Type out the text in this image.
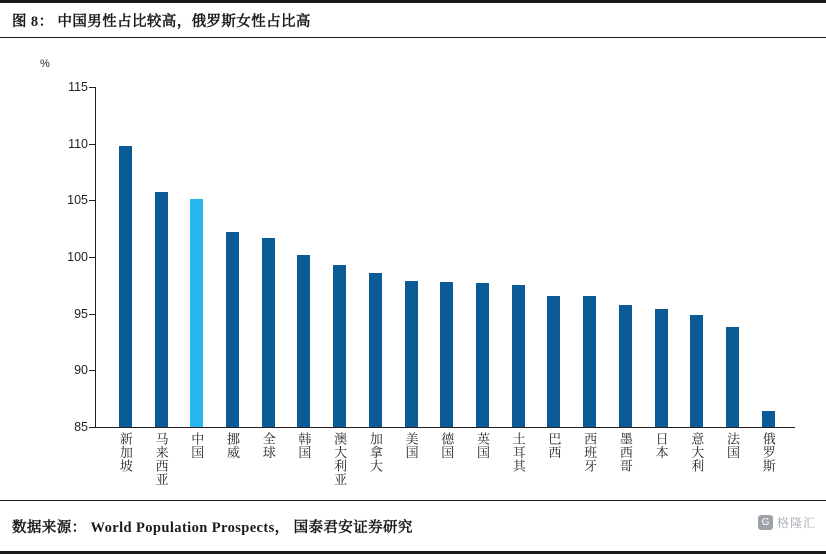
图 8： 中国男性占比较高，俄罗斯女性占比高
%
85
90
95
100
105
110
115
新加坡 马来西亚 中国 挪威 全球 韩国 澳大利亚 加拿大 美国 德国 英国 土耳其 巴西 西班牙 墨西哥 日本 意大利 法国 俄罗斯
数据来源： World Population Prospects， 国泰君安证券研究	G 格隆汇
